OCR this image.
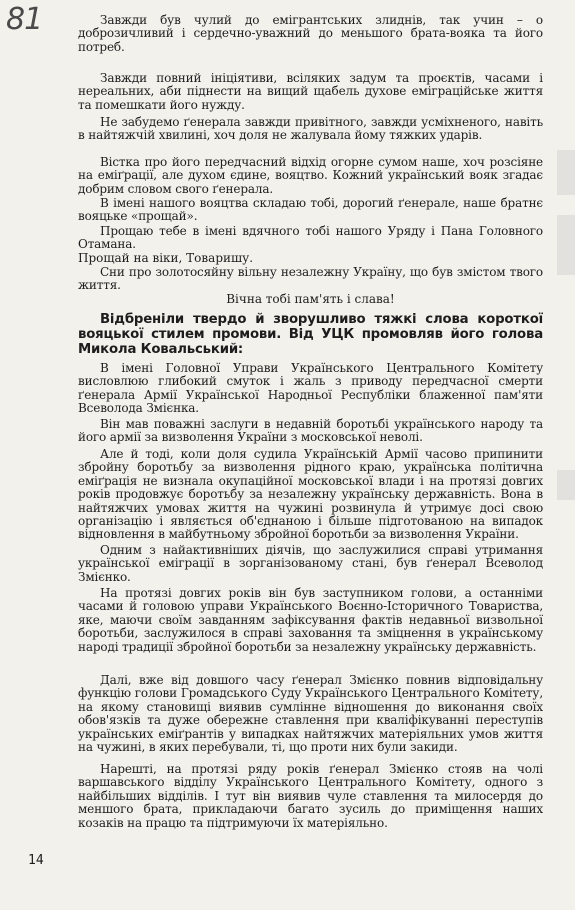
81	Завжди був чулий до емігрантських злиднів, так учин – о доброзичливий і сердечно-уважний до меньшого брата-вояка та його потреб.

Завжди повний ініціятиви, всіляких задум та проєктів, часами і нереальних, аби піднести на вищий щабель духове еміграційське життя та помешкати його нужду.

Не забудемо ґенерала завжди привітного, завжди усміхненого, навіть в найтяжчій хвилині, хоч доля не жалувала йому тяжких ударів.

Вістка про його передчасний відхід огорне сумом наше, хоч розсіяне на еміґрації, але духом єдине, вояцтво. Кожний український вояк згадає добрим словом свого ґенерала.

В імені нашого вояцтва складаю тобі, дорогий ґенерале, наше братнє вояцьке «прощай».

Прощаю тебе в імені вдячного тобі нашого Уряду і Пана Головного Отамана.

Прощай на віки, Товаришу.

Сни про золотосяйну вільну незалежну Україну, що був змістом твого життя.

Вічна тобі пам'ять і слава!

Відбреніли твердо й зворушливо тяжкі слова короткої вояцької стилем промови. Від УЦК промовляв його голова Микола Ковальський:

В імені Головної Управи Українського Центрального Комітету висловлюю глибокий смуток і жаль з приводу передчасної смерти ґенерала Армії Української Народньої Республіки блаженної пам'яти Всеволода Змієнка.

Він мав поважні заслуги в недавній боротьбі українського народу та його армії за визволення України з московської неволі.

Але й тоді, коли доля судила Українській Армії часово припинити збройну боротьбу за визволення рідного краю, українська політична еміґрація не визнала окупаційної московської влади і на протязі довгих років продовжує боротьбу за незалежну українську державність. Вона в найтяжчих умовах життя на чужині розвинула й утримує досі свою організацію і являється об'єднаною і більше підготованою на випадок відновлення в майбутньому збройної боротьби за визволення України.

Одним з найактивніших діячів, що заслужилися справі утримання української еміграції в зорганізованому стані, був ґенерал Всеволод Змієнко.

На протязі довгих років він був заступником голови, а останніми часами й головою управи Українського Воєнно-Історичного Товариства, яке, маючи своїм завданням зафіксування фактів недавньої визвольної боротьби, заслужилося в справі заховання та зміцнення в українському народі традиції збройної боротьби за незалежну українську державність.

Далі, вже від довшого часу ґенерал Змієнко повнив відповідальну функцію голови Громадського Суду Українського Центрального Комітету, на якому становищі виявив сумлінне відношення до виконання своїх обов'язків та дуже обережне ставлення при кваліфікуванні переступів українських еміґрантів у випадках найтяжчих матеріяльних умов життя на чужині, в яких перебували, ті, що проти них були закиди.

Нарешті, на протязі ряду років ґенерал Змієнко стояв на чолі варшавського відділу Українського Центрального Комітету, одного з найбільших відділів. І тут він виявив чуле ставлення та милосердя до меншого брата, прикладаючи багато зусиль до приміщення наших козаків на працю та підтримуючи їх матеріяльно.

14
